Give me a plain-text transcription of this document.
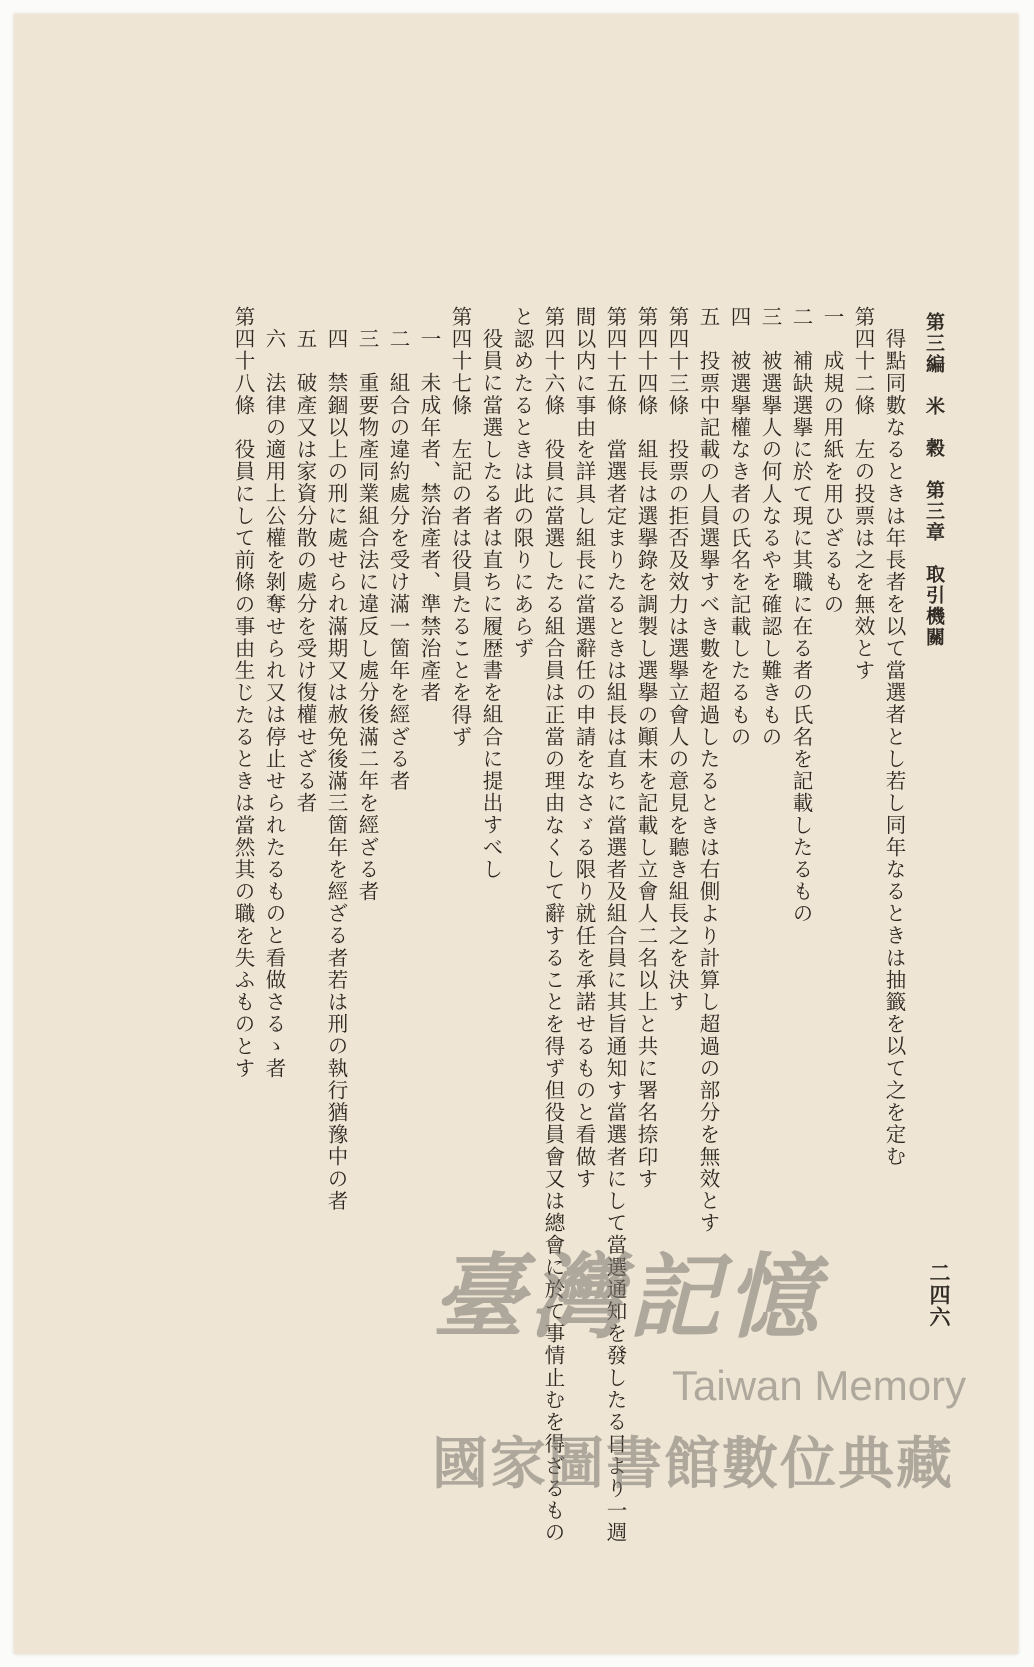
第三編　米　穀　第三章　取引機關
二四六
得點同數なるときは年長者を以て當選者とし若し同年なるときは抽籤を以て之を定む
第四十二條　左の投票は之を無效とす
一　成規の用紙を用ひざるもの
二　補缺選擧に於て現に其職に在る者の氏名を記載したるもの
三　被選擧人の何人なるやを確認し難きもの
四　被選擧權なき者の氏名を記載したるもの
五　投票中記載の人員選擧すべき數を超過したるときは右側より計算し超過の部分を無效とす
第四十三條　投票の拒否及效力は選擧立會人の意見を聽き組長之を決す
第四十四條　組長は選擧錄を調製し選擧の顚末を記載し立會人二名以上と共に署名捺印す
第四十五條　當選者定まりたるときは組長は直ちに當選者及組合員に其旨通知す當選者にして當選通知を發したる日より一週
間以内に事由を詳具し組長に當選辭任の申請をなさゞる限り就任を承諾せるものと看做す
第四十六條　役員に當選したる組合員は正當の理由なくして辭することを得ず但役員會又は總會に於て事情止むを得ざるもの
と認めたるときは此の限りにあらず
役員に當選したる者は直ちに履歴書を組合に提出すべし
第四十七條　左記の者は役員たることを得ず
一　未成年者、禁治產者、準禁治產者
二　組合の違約處分を受け滿一箇年を經ざる者
三　重要物產同業組合法に違反し處分後滿二年を經ざる者
四　禁錮以上の刑に處せられ滿期又は赦免後滿三箇年を經ざる者若は刑の執行猶豫中の者
五　破產又は家資分散の處分を受け復權せざる者
六　法律の適用上公權を剝奪せられ又は停止せられたるものと看做さるゝ者
第四十八條　役員にして前條の事由生じたるときは當然其の職を失ふものとす
臺灣記憶
Taiwan Memory
國家圖書館數位典藏
